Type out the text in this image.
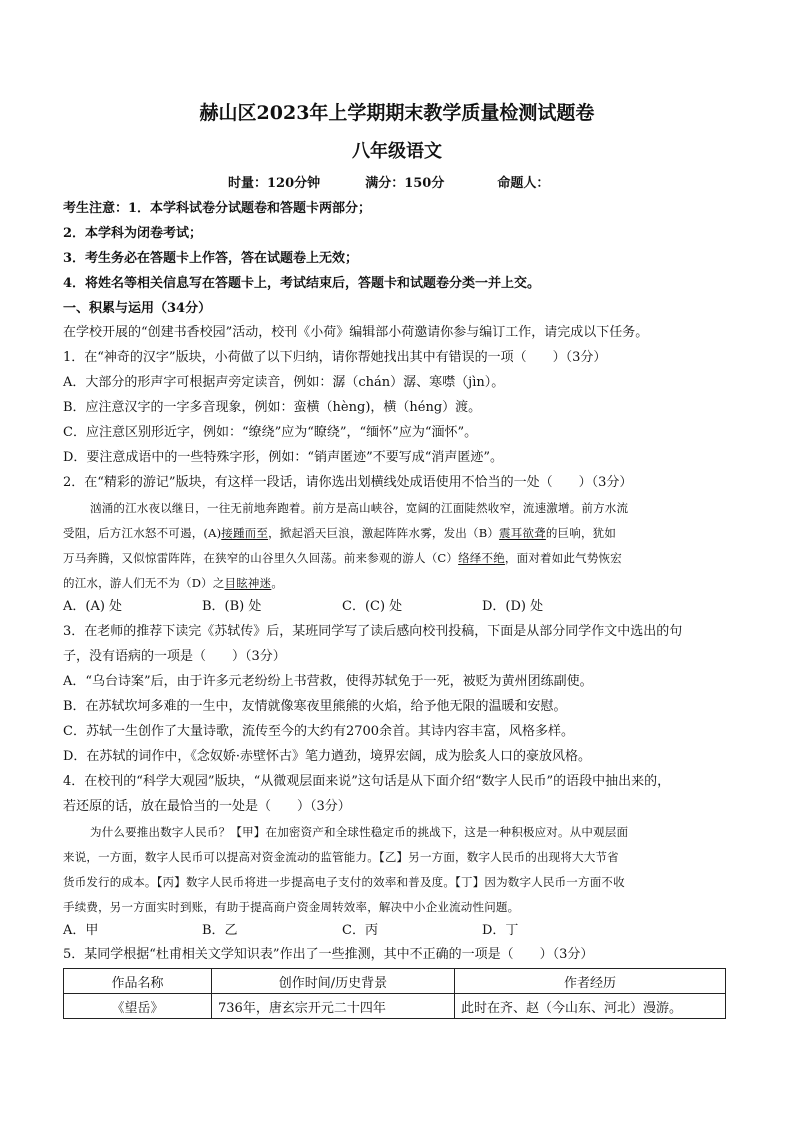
赫山区2023年上学期期末教学质量检测试题卷
八年级语文
时量：120分钟	满分：150分	命题人：
考生注意：1．本学科试卷分试题卷和答题卡两部分；
2．本学科为闭卷考试；
3．考生务必在答题卡上作答，答在试题卷上无效；
4．将姓名等相关信息写在答题卡上，考试结束后，答题卡和试题卷分类一并上交。
一、积累与运用（34分）
在学校开展的“创建书香校园”活动，校刊《小荷》编辑部小荷邀请你参与编订工作，请完成以下任务。
1．在“神奇的汉字”版块，小荷做了以下归纳，请你帮她找出其中有错误的一项（　　）（3分）
A．大部分的形声字可根据声旁定读音，例如：潺（chán）潺、寒噤（jìn）。
B．应注意汉字的一字多音现象，例如：蛮横（hèng)，横（héng）渡。
C．应注意区别形近字，例如：“缭绕”应为“瞭绕”，“缅怀”应为“湎怀”。
D．要注意成语中的一些特殊字形，例如：“销声匿迹”不要写成“消声匿迹”。
2．在“精彩的游记”版块，有这样一段话，请你选出划横线处成语使用不恰当的一处（　　）（3分）
汹涌的江水夜以继日，一往无前地奔跑着。前方是高山峡谷，宽阔的江面陡然收窄，流速激增。前方水流
受阻，后方江水怒不可遏，(A)接踵而至，掀起滔天巨浪，激起阵阵水雾，发出（B）震耳欲聋的巨响，犹如
万马奔腾，又似惊雷阵阵，在狭窄的山谷里久久回荡。前来参观的游人（C）络绎不绝，面对着如此气势恢宏
的江水，游人们无不为（D）之目眩神迷。
A．(A) 处	B．(B) 处	C．(C) 处	D．(D) 处
3．在老师的推荐下读完《苏轼传》后，某班同学写了读后感向校刊投稿，下面是从部分同学作文中选出的句
子，没有语病的一项是（　　）（3分）
A．“乌台诗案”后，由于许多元老纷纷上书营救，使得苏轼免于一死，被贬为黄州团练副使。
B．在苏轼坎坷多难的一生中，友情就像寒夜里熊熊的火焰，给予他无限的温暖和安慰。
C．苏轼一生创作了大量诗歌，流传至今的大约有2700余首。其诗内容丰富，风格多样。
D．在苏轼的词作中，《念奴娇·赤壁怀古》笔力遒劲，境界宏阔，成为脍炙人口的豪放风格。
4．在校刊的“科学大观园”版块，“从微观层面来说”这句话是从下面介绍“数字人民币”的语段中抽出来的，
若还原的话，放在最恰当的一处是（　　）（3分）
为什么要推出数字人民币？【甲】在加密资产和全球性稳定币的挑战下，这是一种积极应对。从中观层面
来说，一方面，数字人民币可以提高对资金流动的监管能力。【乙】另一方面，数字人民币的出现将大大节省
货币发行的成本。【丙】数字人民币将进一步提高电子支付的效率和普及度。【丁】因为数字人民币一方面不收
手续费，另一方面实时到账，有助于提高商户资金周转效率，解决中小企业流动性问题。
A．甲	B．乙	C．丙	D．丁
5．某同学根据“杜甫相关文学知识表”作出了一些推测，其中不正确的一项是（　　）（3分）
作品名称	创作时间/历史背景	作者经历
《望岳》	736年，唐玄宗开元二十四年	此时在齐、赵（今山东、河北）漫游。
